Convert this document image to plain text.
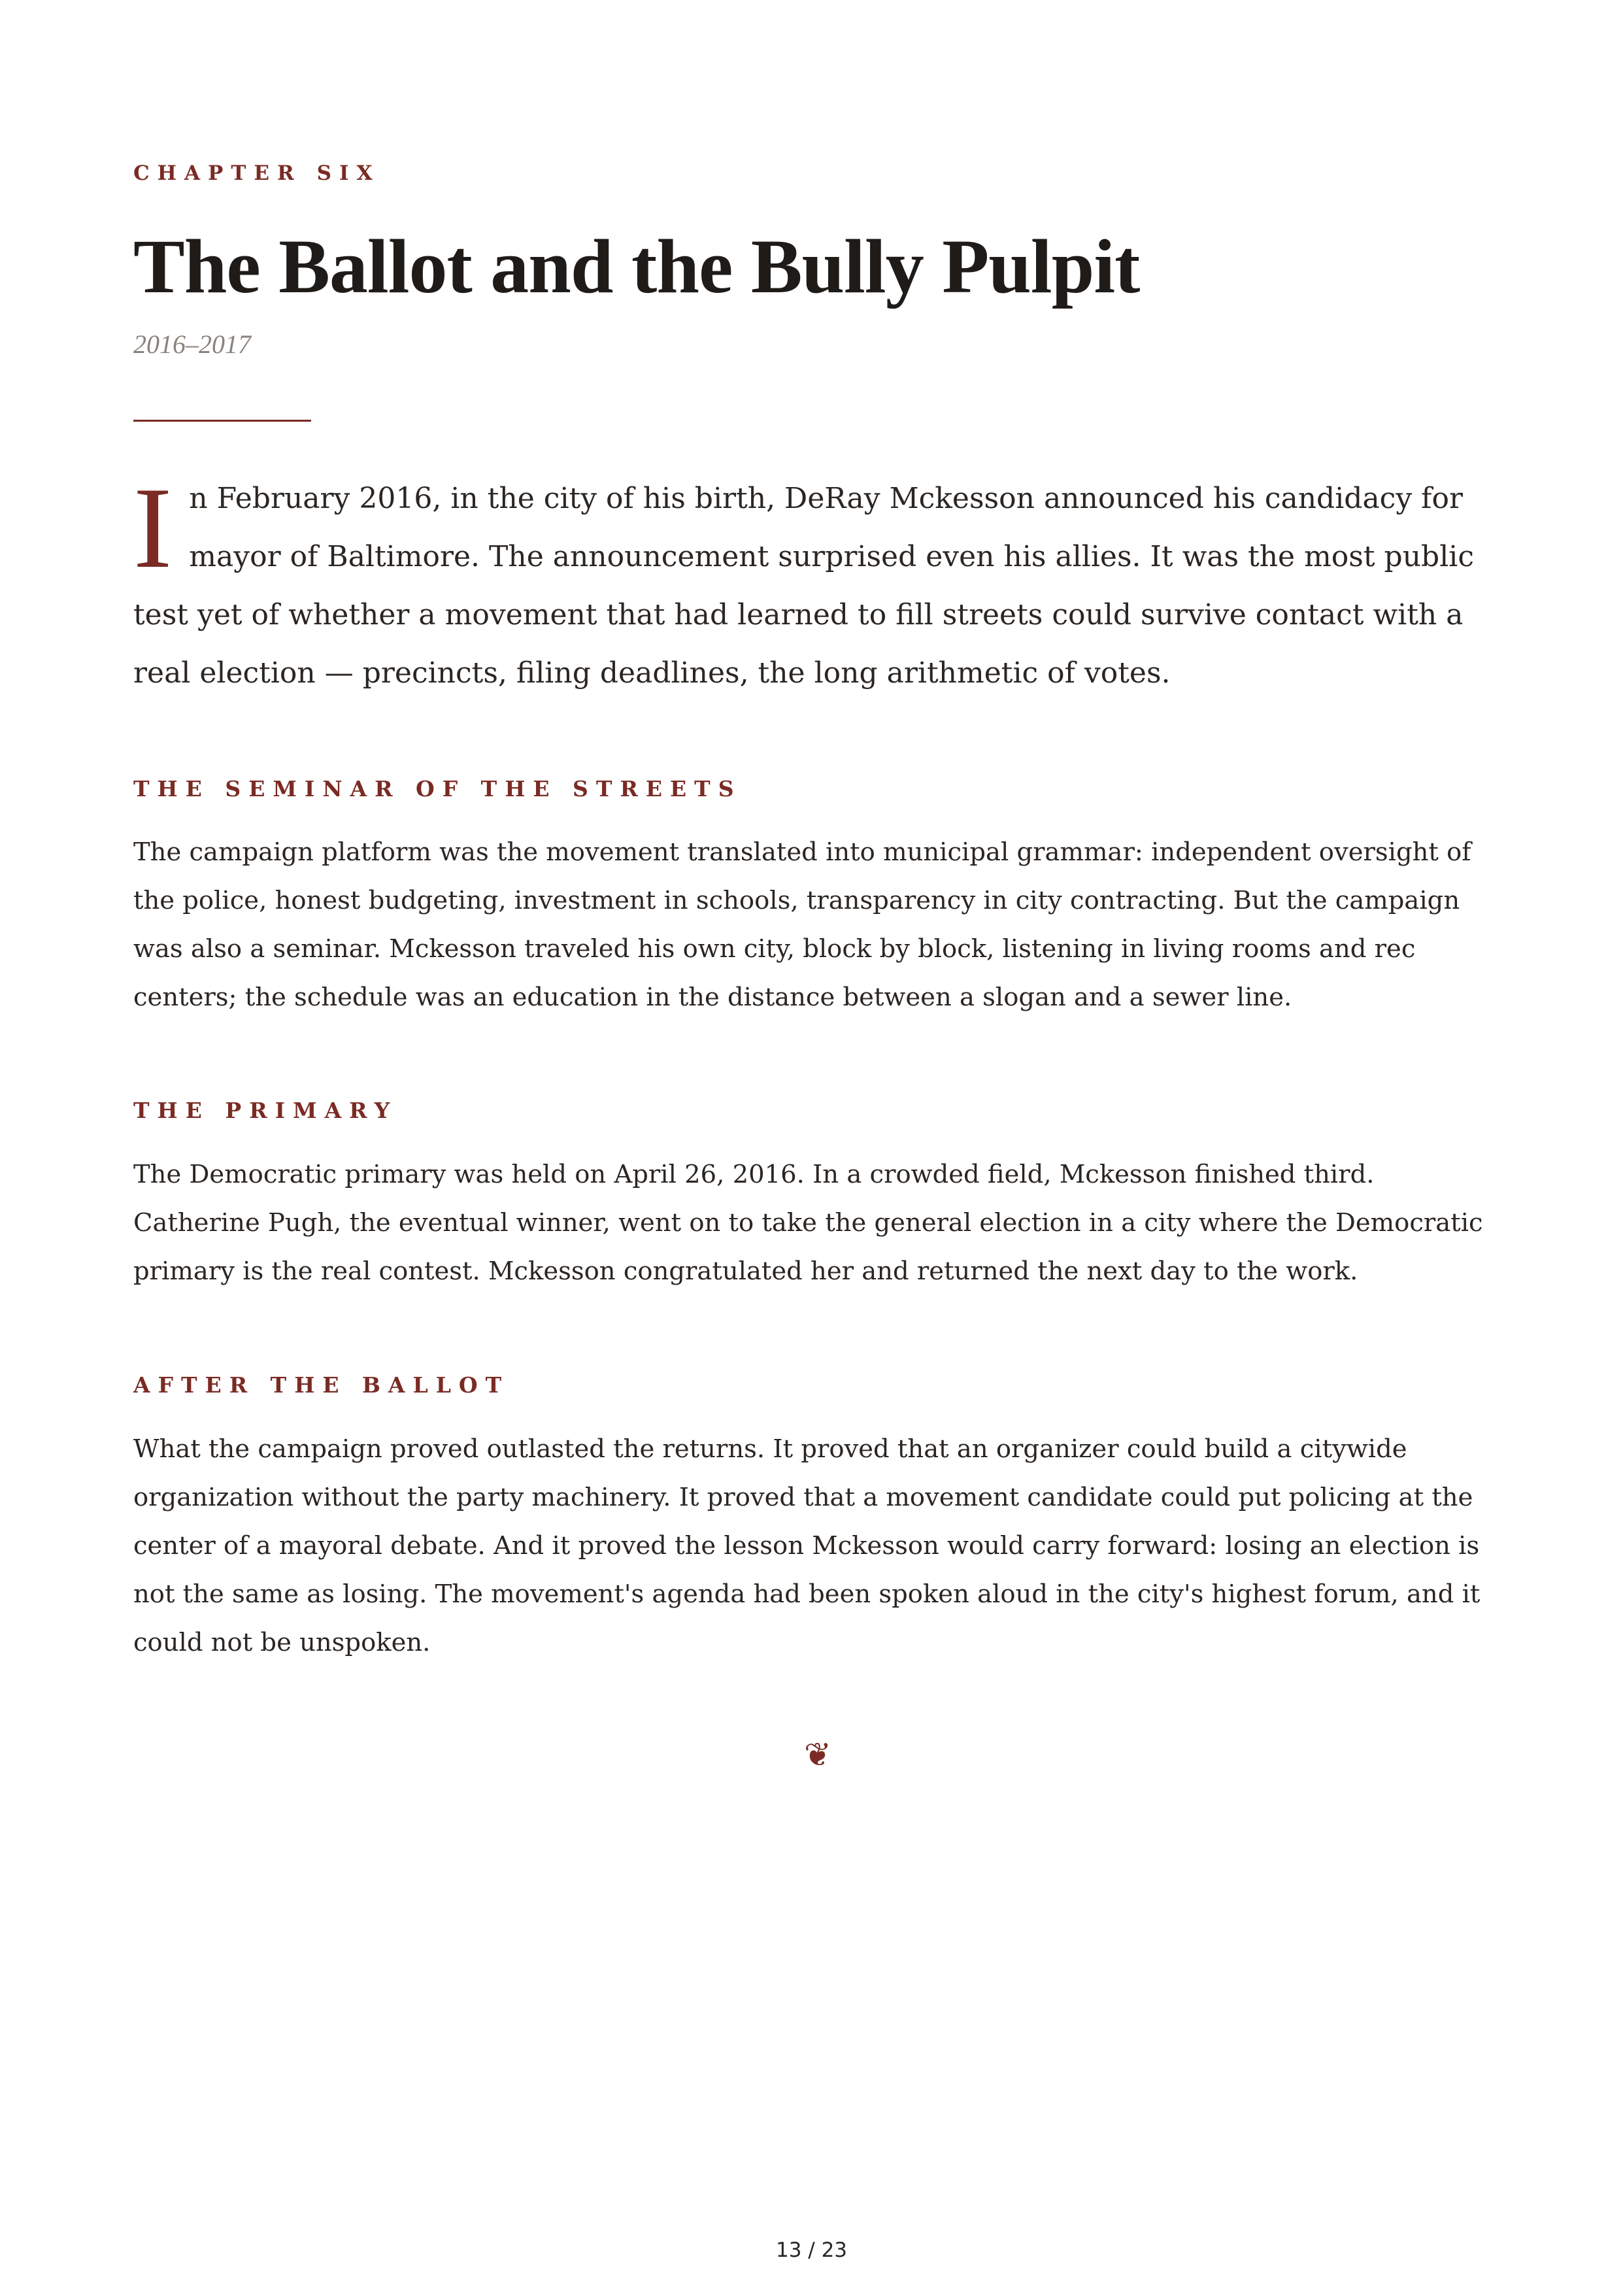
CHAPTER SIX
The Ballot and the Bully Pulpit
2016–2017
In February 2016, in the city of his birth, DeRay Mckesson announced his candidacy for mayor of Baltimore. The announcement surprised even his allies. It was the most public test yet of whether a movement that had learned to fill streets could survive contact with a real election — precincts, filing deadlines, the long arithmetic of votes.
THE SEMINAR OF THE STREETS
The campaign platform was the movement translated into municipal grammar: independent oversight of the police, honest budgeting, investment in schools, transparency in city contracting. But the campaign was also a seminar. Mckesson traveled his own city, block by block, listening in living rooms and rec centers; the schedule was an education in the distance between a slogan and a sewer line.
THE PRIMARY
The Democratic primary was held on April 26, 2016. In a crowded field, Mckesson finished third. Catherine Pugh, the eventual winner, went on to take the general election in a city where the Democratic primary is the real contest. Mckesson congratulated her and returned the next day to the work.
AFTER THE BALLOT
What the campaign proved outlasted the returns. It proved that an organizer could build a citywide organization without the party machinery. It proved that a movement candidate could put policing at the center of a mayoral debate. And it proved the lesson Mckesson would carry forward: losing an election is not the same as losing. The movement's agenda had been spoken aloud in the city's highest forum, and it could not be unspoken.
❦
13 / 23
